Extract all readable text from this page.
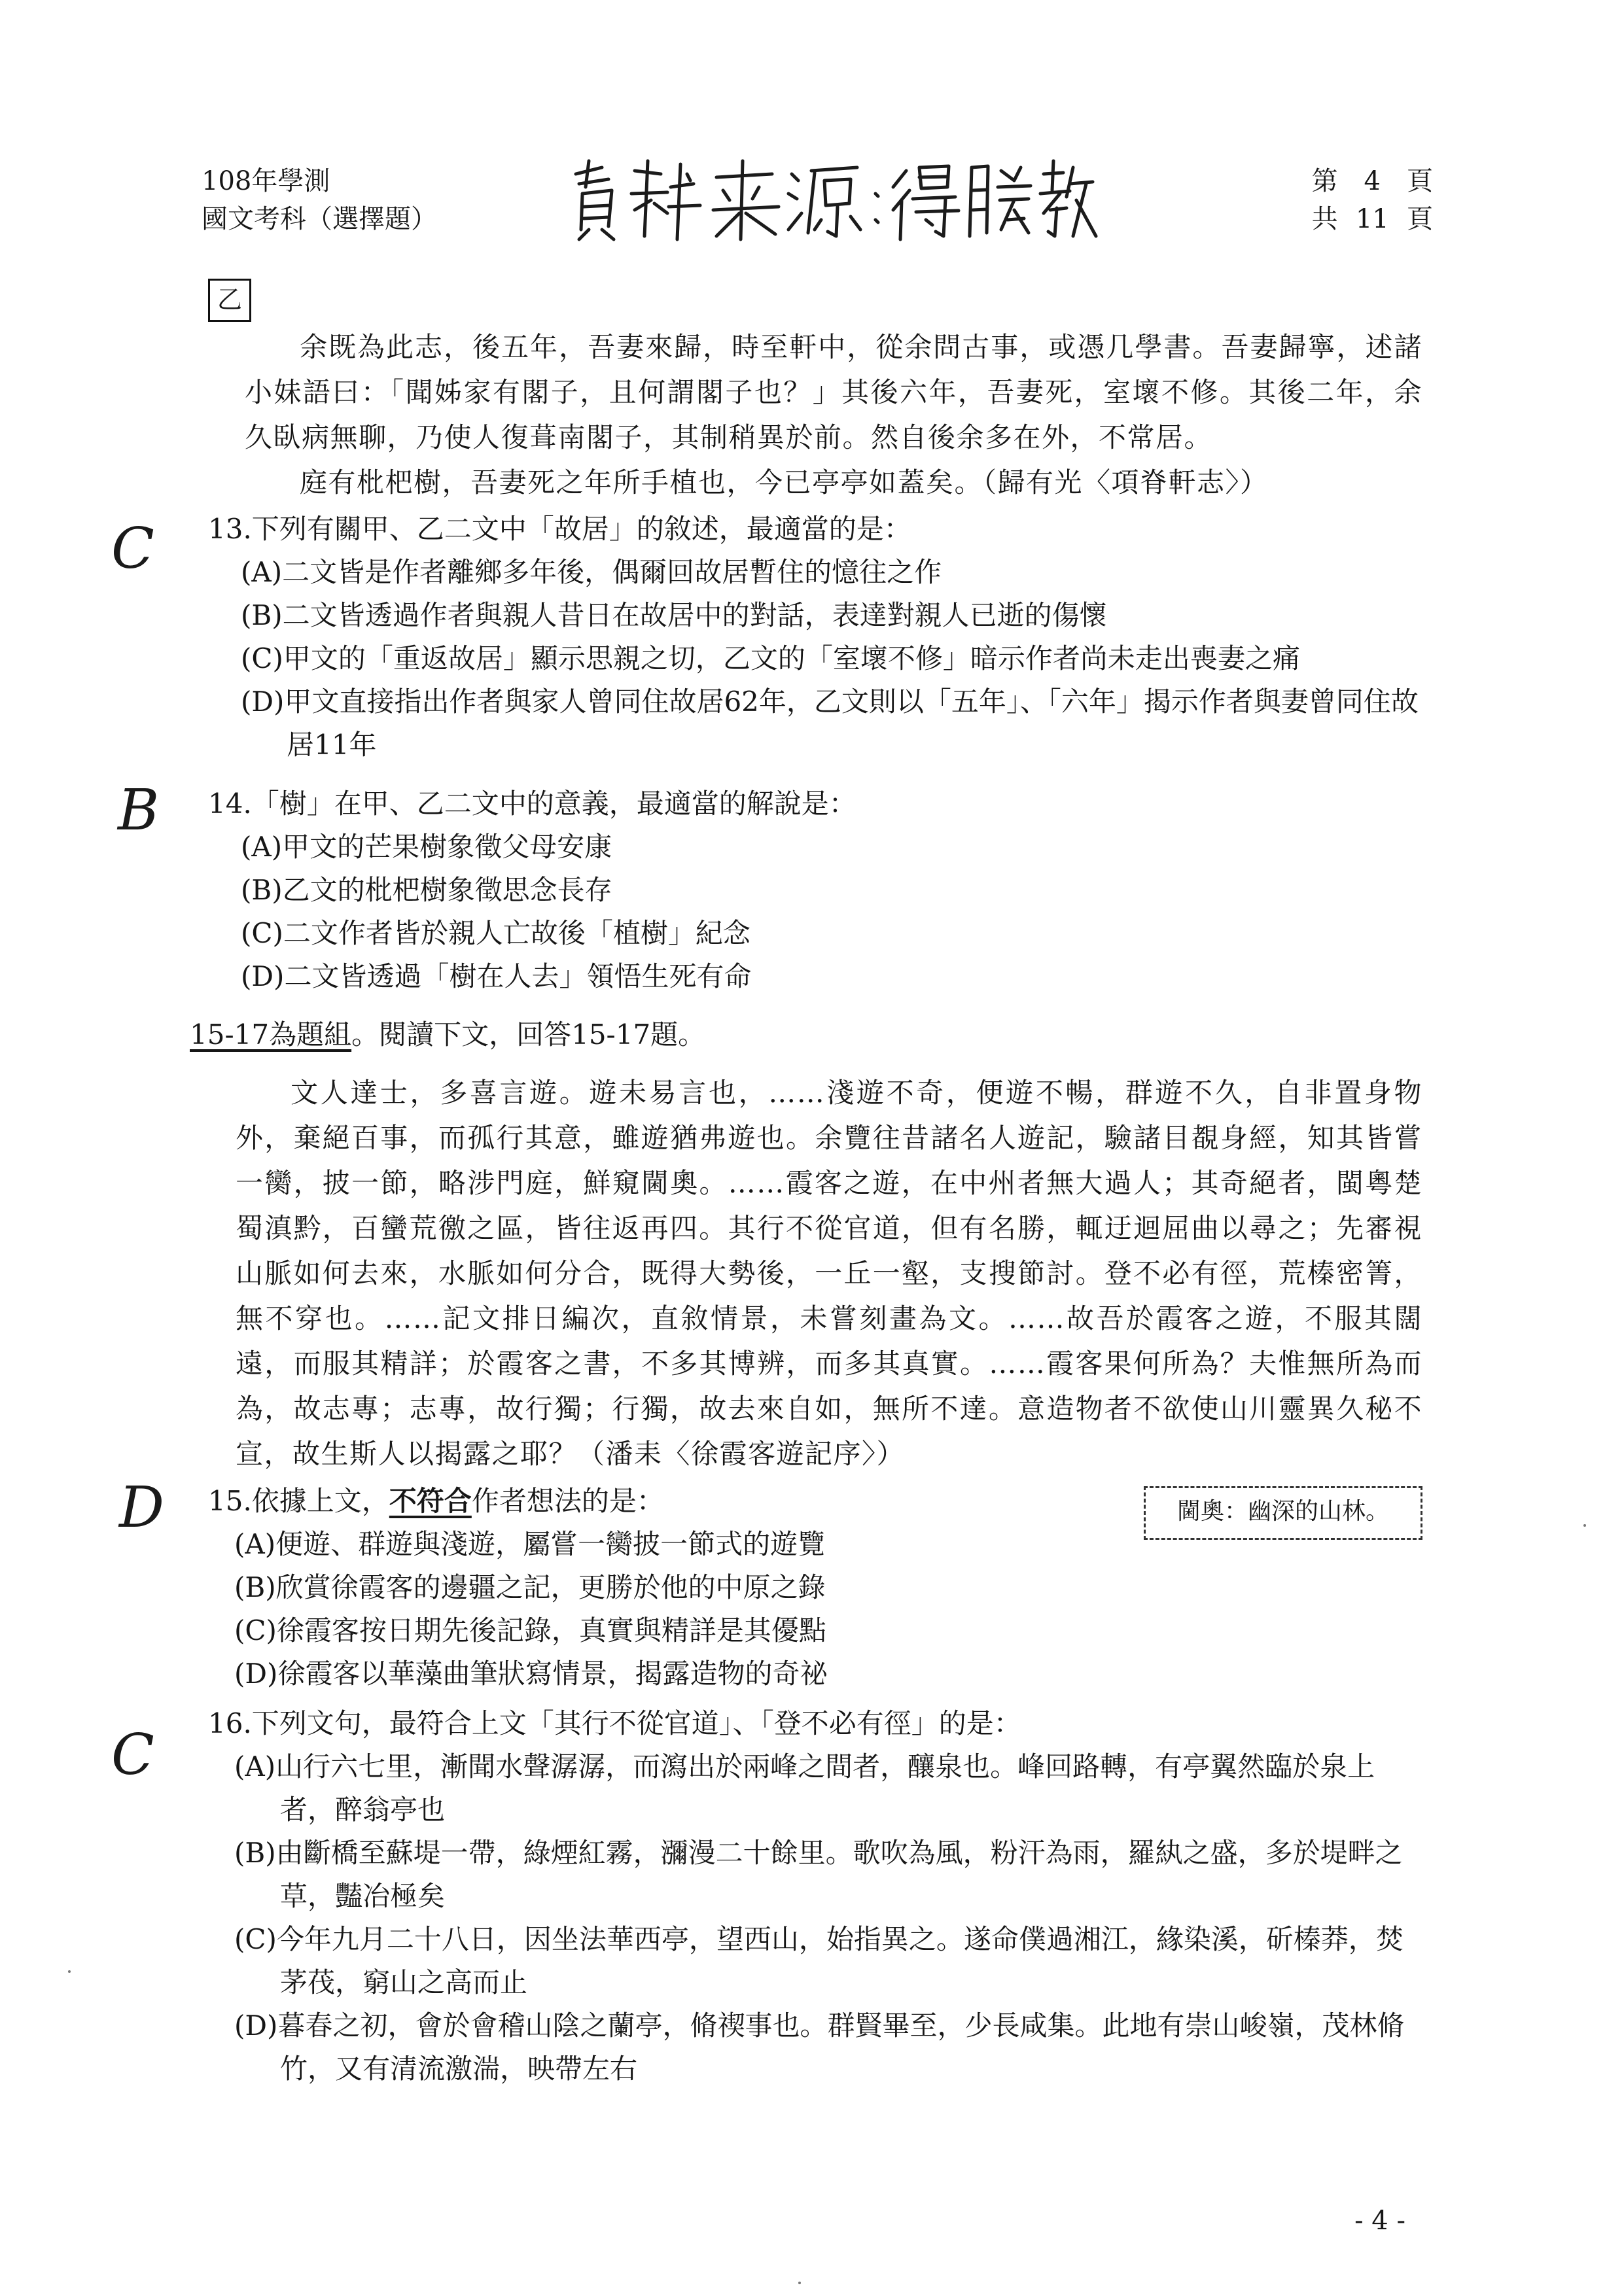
108年學測
國文考科（選擇題）
第 4 頁
共 11 頁
乙

余既為此志，後五年，吾妻來歸，時至軒中，從余問古事，或憑几學書。吾妻歸寧，述諸小妹語曰：「聞姊家有閣子，且何謂閣子也？」其後六年，吾妻死，室壞不修。其後二年，余久臥病無聊，乃使人復葺南閣子，其制稍異於前。然自後余多在外，不常居。

庭有枇杷樹，吾妻死之年所手植也，今已亭亭如蓋矣。（歸有光〈項脊軒志〉）

C 13.下列有關甲、乙二文中「故居」的敘述，最適當的是：
(A)二文皆是作者離鄉多年後，偶爾回故居暫住的憶往之作
(B)二文皆透過作者與親人昔日在故居中的對話，表達對親人已逝的傷懷
(C)甲文的「重返故居」顯示思親之切，乙文的「室壞不修」暗示作者尚未走出喪妻之痛
(D)甲文直接指出作者與家人曾同住故居62年，乙文則以「五年」、「六年」揭示作者與妻曾同住故居11年
B 14.「樹」在甲、乙二文中的意義，最適當的解說是：
(A)甲文的芒果樹象徵父母安康
(B)乙文的枇杷樹象徵思念長存
(C)二文作者皆於親人亡故後「植樹」紀念
(D)二文皆透過「樹在人去」領悟生死有命
15-17為題組。閱讀下文，回答15-17題。

文人達士，多喜言遊。遊未易言也，……淺遊不奇，便遊不暢，群遊不久，自非置身物外，棄絕百事，而孤行其意，雖遊猶弗遊也。余覽往昔諸名人遊記，驗諸目覩身經，知其皆嘗一臠，披一節，略涉門庭，鮮窺閫奧。……霞客之遊，在中州者無大過人；其奇絕者，閩粵楚蜀滇黔，百蠻荒徼之區，皆往返再四。其行不從官道，但有名勝，輒迂迴屈曲以尋之；先審視山脈如何去來，水脈如何分合，既得大勢後，一丘一壑，支搜節討。登不必有徑，荒榛密箐，無不穿也。……記文排日編次，直敘情景，未嘗刻畫為文。……故吾於霞客之遊，不服其闊遠，而服其精詳；於霞客之書，不多其博辨，而多其真實。……霞客果何所為？夫惟無所為而為，故志專；志專，故行獨；行獨，故去來自如，無所不達。意造物者不欲使山川靈異久秘不宣，故生斯人以揭露之耶？（潘耒〈徐霞客遊記序〉）

閫奧：幽深的山林。
D 15.依據上文，不符合作者想法的是：
(A)便遊、群遊與淺遊，屬嘗一臠披一節式的遊覽
(B)欣賞徐霞客的邊疆之記，更勝於他的中原之錄
(C)徐霞客按日期先後記錄，真實與精詳是其優點
(D)徐霞客以華藻曲筆狀寫情景，揭露造物的奇祕
C 16.下列文句，最符合上文「其行不從官道」、「登不必有徑」的是：
(A)山行六七里，漸聞水聲潺潺，而瀉出於兩峰之間者，釀泉也。峰回路轉，有亭翼然臨於泉上者，醉翁亭也
(B)由斷橋至蘇堤一帶，綠煙紅霧，瀰漫二十餘里。歌吹為風，粉汗為雨，羅紈之盛，多於堤畔之草，豔冶極矣
(C)今年九月二十八日，因坐法華西亭，望西山，始指異之。遂命僕過湘江，緣染溪，斫榛莽，焚茅茷，窮山之高而止
(D)暮春之初，會於會稽山陰之蘭亭，脩禊事也。群賢畢至，少長咸集。此地有崇山峻嶺，茂林脩竹，又有清流激湍，映帶左右
- 4 -
